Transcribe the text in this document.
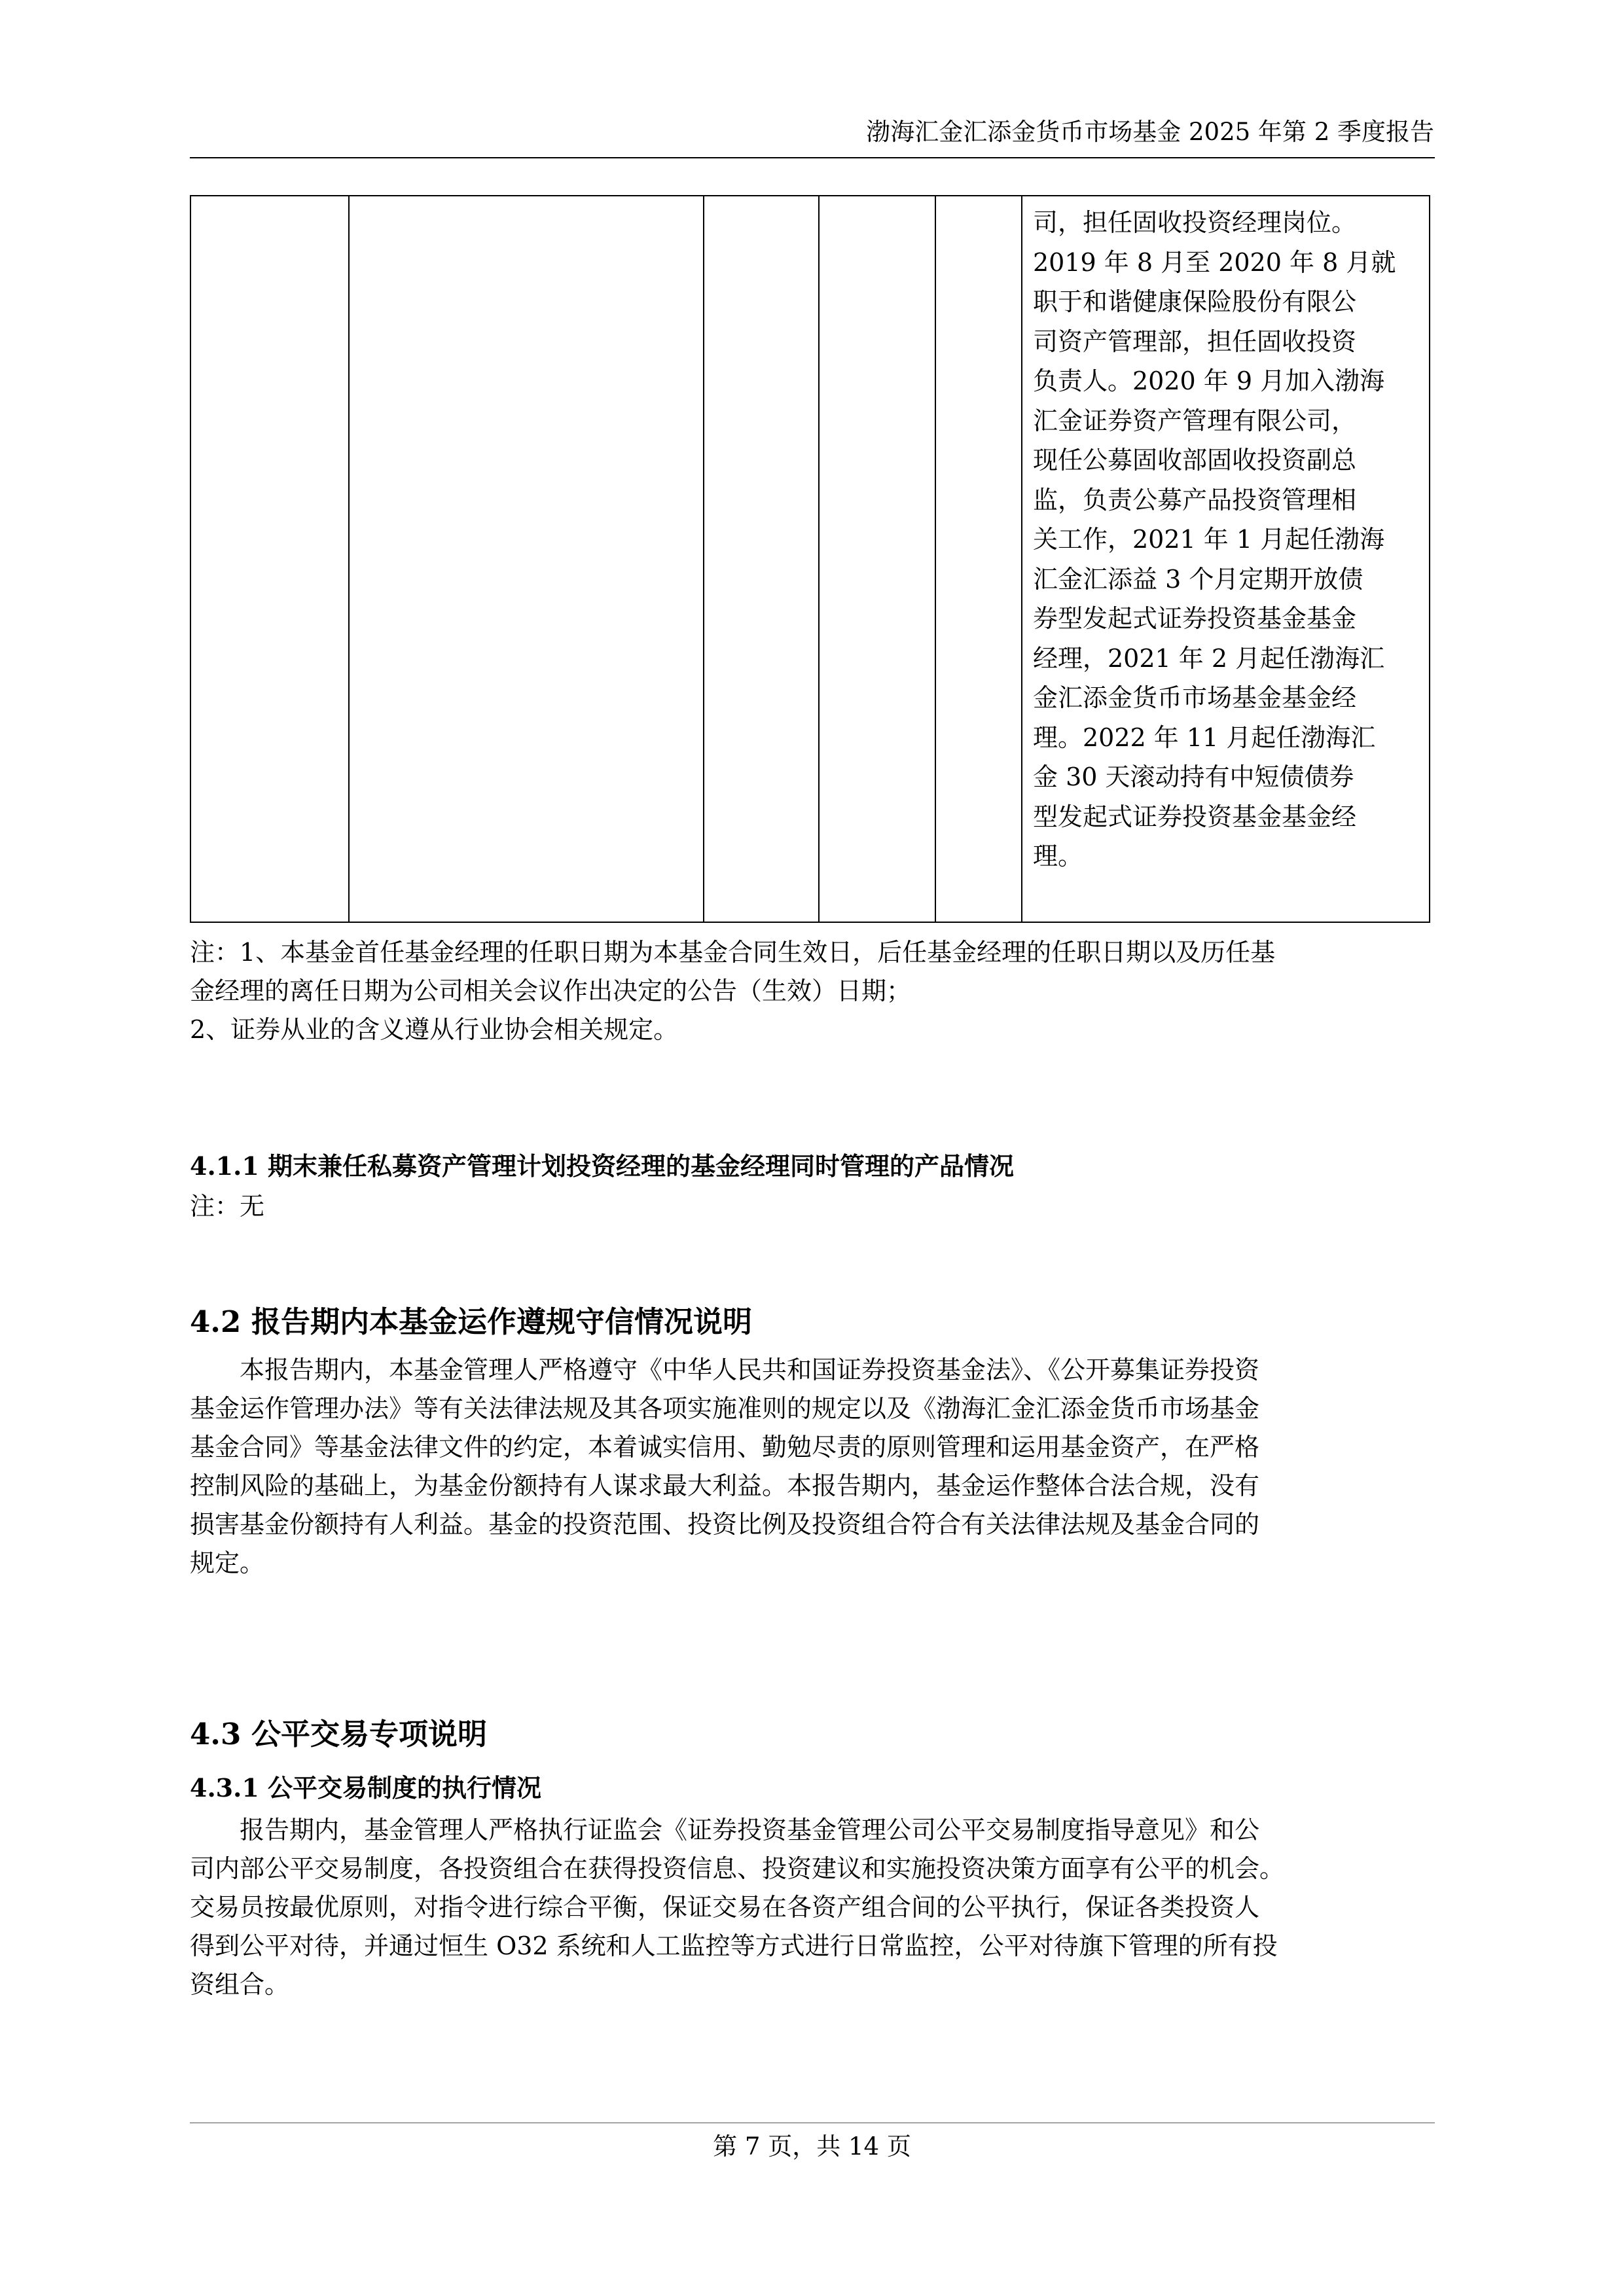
渤海汇金汇添金货币市场基金 2025 年第 2 季度报告

司，担任固收投资经理岗位。

2019 年 8 月至 2020 年 8 月就

职于和谐健康保险股份有限公

司资产管理部，担任固收投资

负责人。2020 年 9 月加入渤海

汇金证券资产管理有限公司，

现任公募固收部固收投资副总

监，负责公募产品投资管理相

关工作，2021 年 1 月起任渤海

汇金汇添益 3 个月定期开放债

券型发起式证券投资基金基金

经理，2021 年 2 月起任渤海汇

金汇添金货币市场基金基金经

理。2022 年 11 月起任渤海汇

金 30 天滚动持有中短债债券

型发起式证券投资基金基金经

理。

注：1、本基金首任基金经理的任职日期为本基金合同生效日，后任基金经理的任职日期以及历任基

金经理的离任日期为公司相关会议作出决定的公告（生效）日期；

2、证券从业的含义遵从行业协会相关规定。

4.1.1 期末兼任私募资产管理计划投资经理的基金经理同时管理的产品情况

注：无

4.2 报告期内本基金运作遵规守信情况说明

　　本报告期内，本基金管理人严格遵守《中华人民共和国证券投资基金法》、《公开募集证券投资

基金运作管理办法》等有关法律法规及其各项实施准则的规定以及《渤海汇金汇添金货币市场基金

基金合同》等基金法律文件的约定，本着诚实信用、勤勉尽责的原则管理和运用基金资产，在严格

控制风险的基础上，为基金份额持有人谋求最大利益。本报告期内，基金运作整体合法合规，没有

损害基金份额持有人利益。基金的投资范围、投资比例及投资组合符合有关法律法规及基金合同的

规定。

4.3 公平交易专项说明
4.3.1 公平交易制度的执行情况

　　报告期内，基金管理人严格执行证监会《证券投资基金管理公司公平交易制度指导意见》和公

司内部公平交易制度，各投资组合在获得投资信息、投资建议和实施投资决策方面享有公平的机会。

交易员按最优原则，对指令进行综合平衡，保证交易在各资产组合间的公平执行，保证各类投资人

得到公平对待，并通过恒生 O32 系统和人工监控等方式进行日常监控，公平对待旗下管理的所有投

资组合。

第 7 页，共 14 页
